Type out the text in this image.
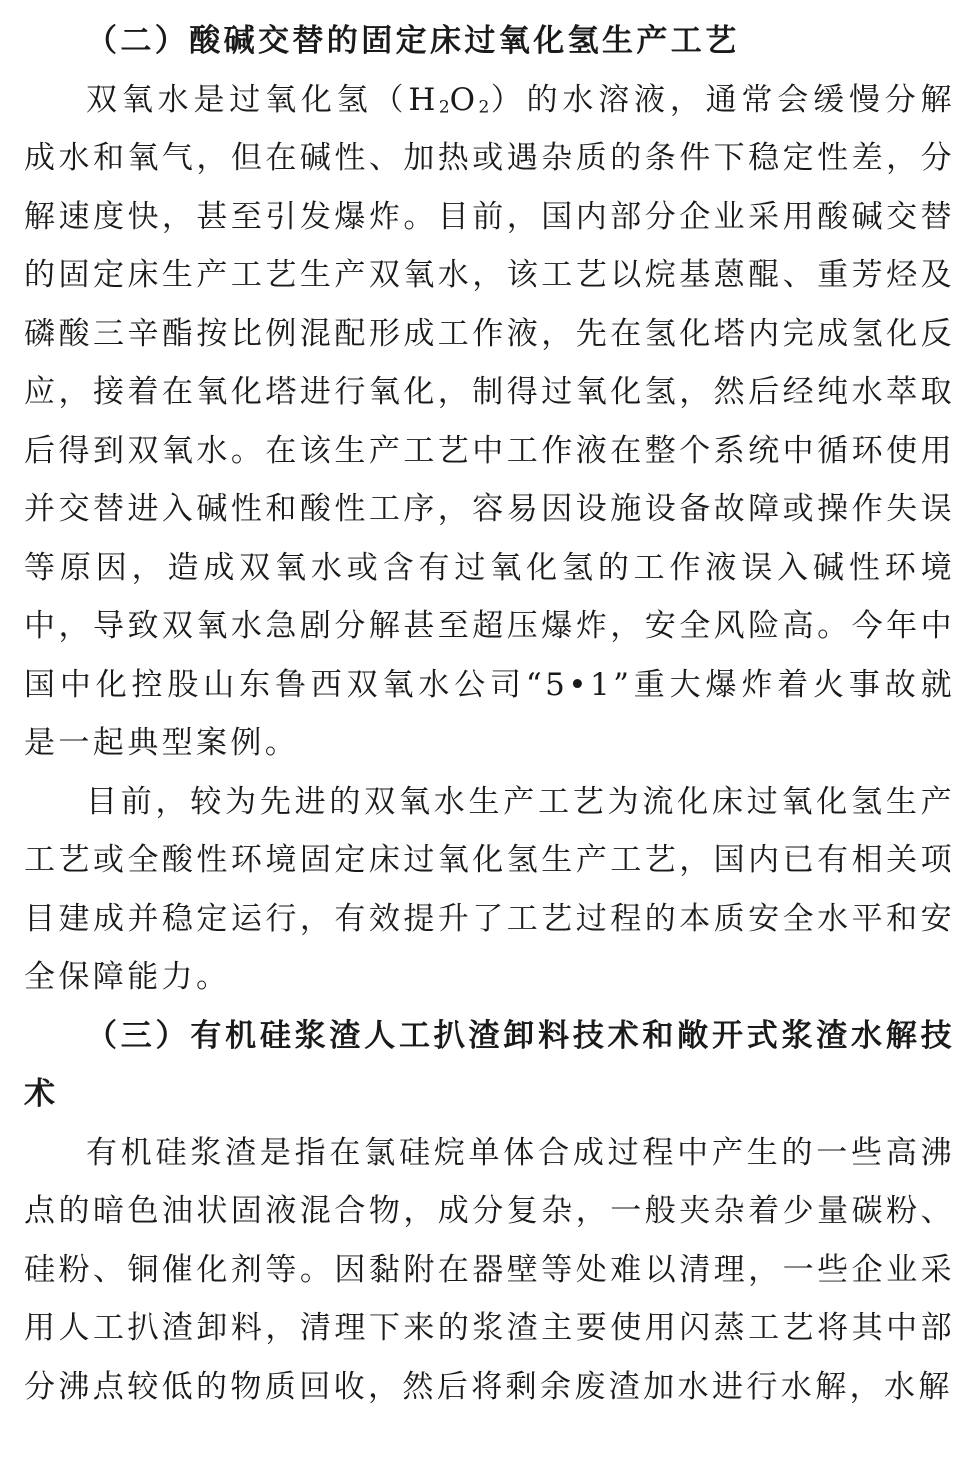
（二）酸碱交替的固定床过氧化氢生产工艺

双氧水是过氧化氢$(H_2O_2)$的水溶液，通常会缓慢分解成水和氧气，但在碱性、加热或遇杂质的条件下稳定性差，分解速度快，甚至引发爆炸。目前，国内部分企业采用酸碱交替的固定床生产工艺生产双氧水，该工艺以烷基蒽醌、重芳烃及磷酸三辛酯按比例混配形成工作液，先在氢化塔内完成氢化反应，接着在氧化塔进行氧化，制得过氧化氢，然后经纯水萃取后得到双氧水。在该生产工艺中工作液在整个系统中循环使用并交替进入碱性和酸性工序，容易因设施设备故障或操作失误等原因，造成双氧水或含有过氧化氢的工作液误入碱性环境中，导致双氧水急剧分解甚至超压爆炸，安全风险高。今年中国中化控股山东鲁西双氧水公司“5•1”重大爆炸着火事故就是一起典型案例。

目前，较为先进的双氧水生产工艺为流化床过氧化氢生产工艺或全酸性环境固定床过氧化氢生产工艺，国内已有相关项目建成并稳定运行，有效提升了工艺过程的本质安全水平和安全保障能力。

（三）有机硅浆渣人工扒渣卸料技术和敞开式浆渣水解技术

有机硅浆渣是指在氯硅烷单体合成过程中产生的一些高沸点的暗色油状固液混合物，成分复杂，一般夹杂着少量碳粉、硅粉、铜催化剂等。因黏附在器壁等处难以清理，一些企业采用人工扒渣卸料，清理下来的浆渣主要使用闪蒸工艺将其中部分沸点较低的物质回收，然后将剩余废渣加水进行水解，水解
